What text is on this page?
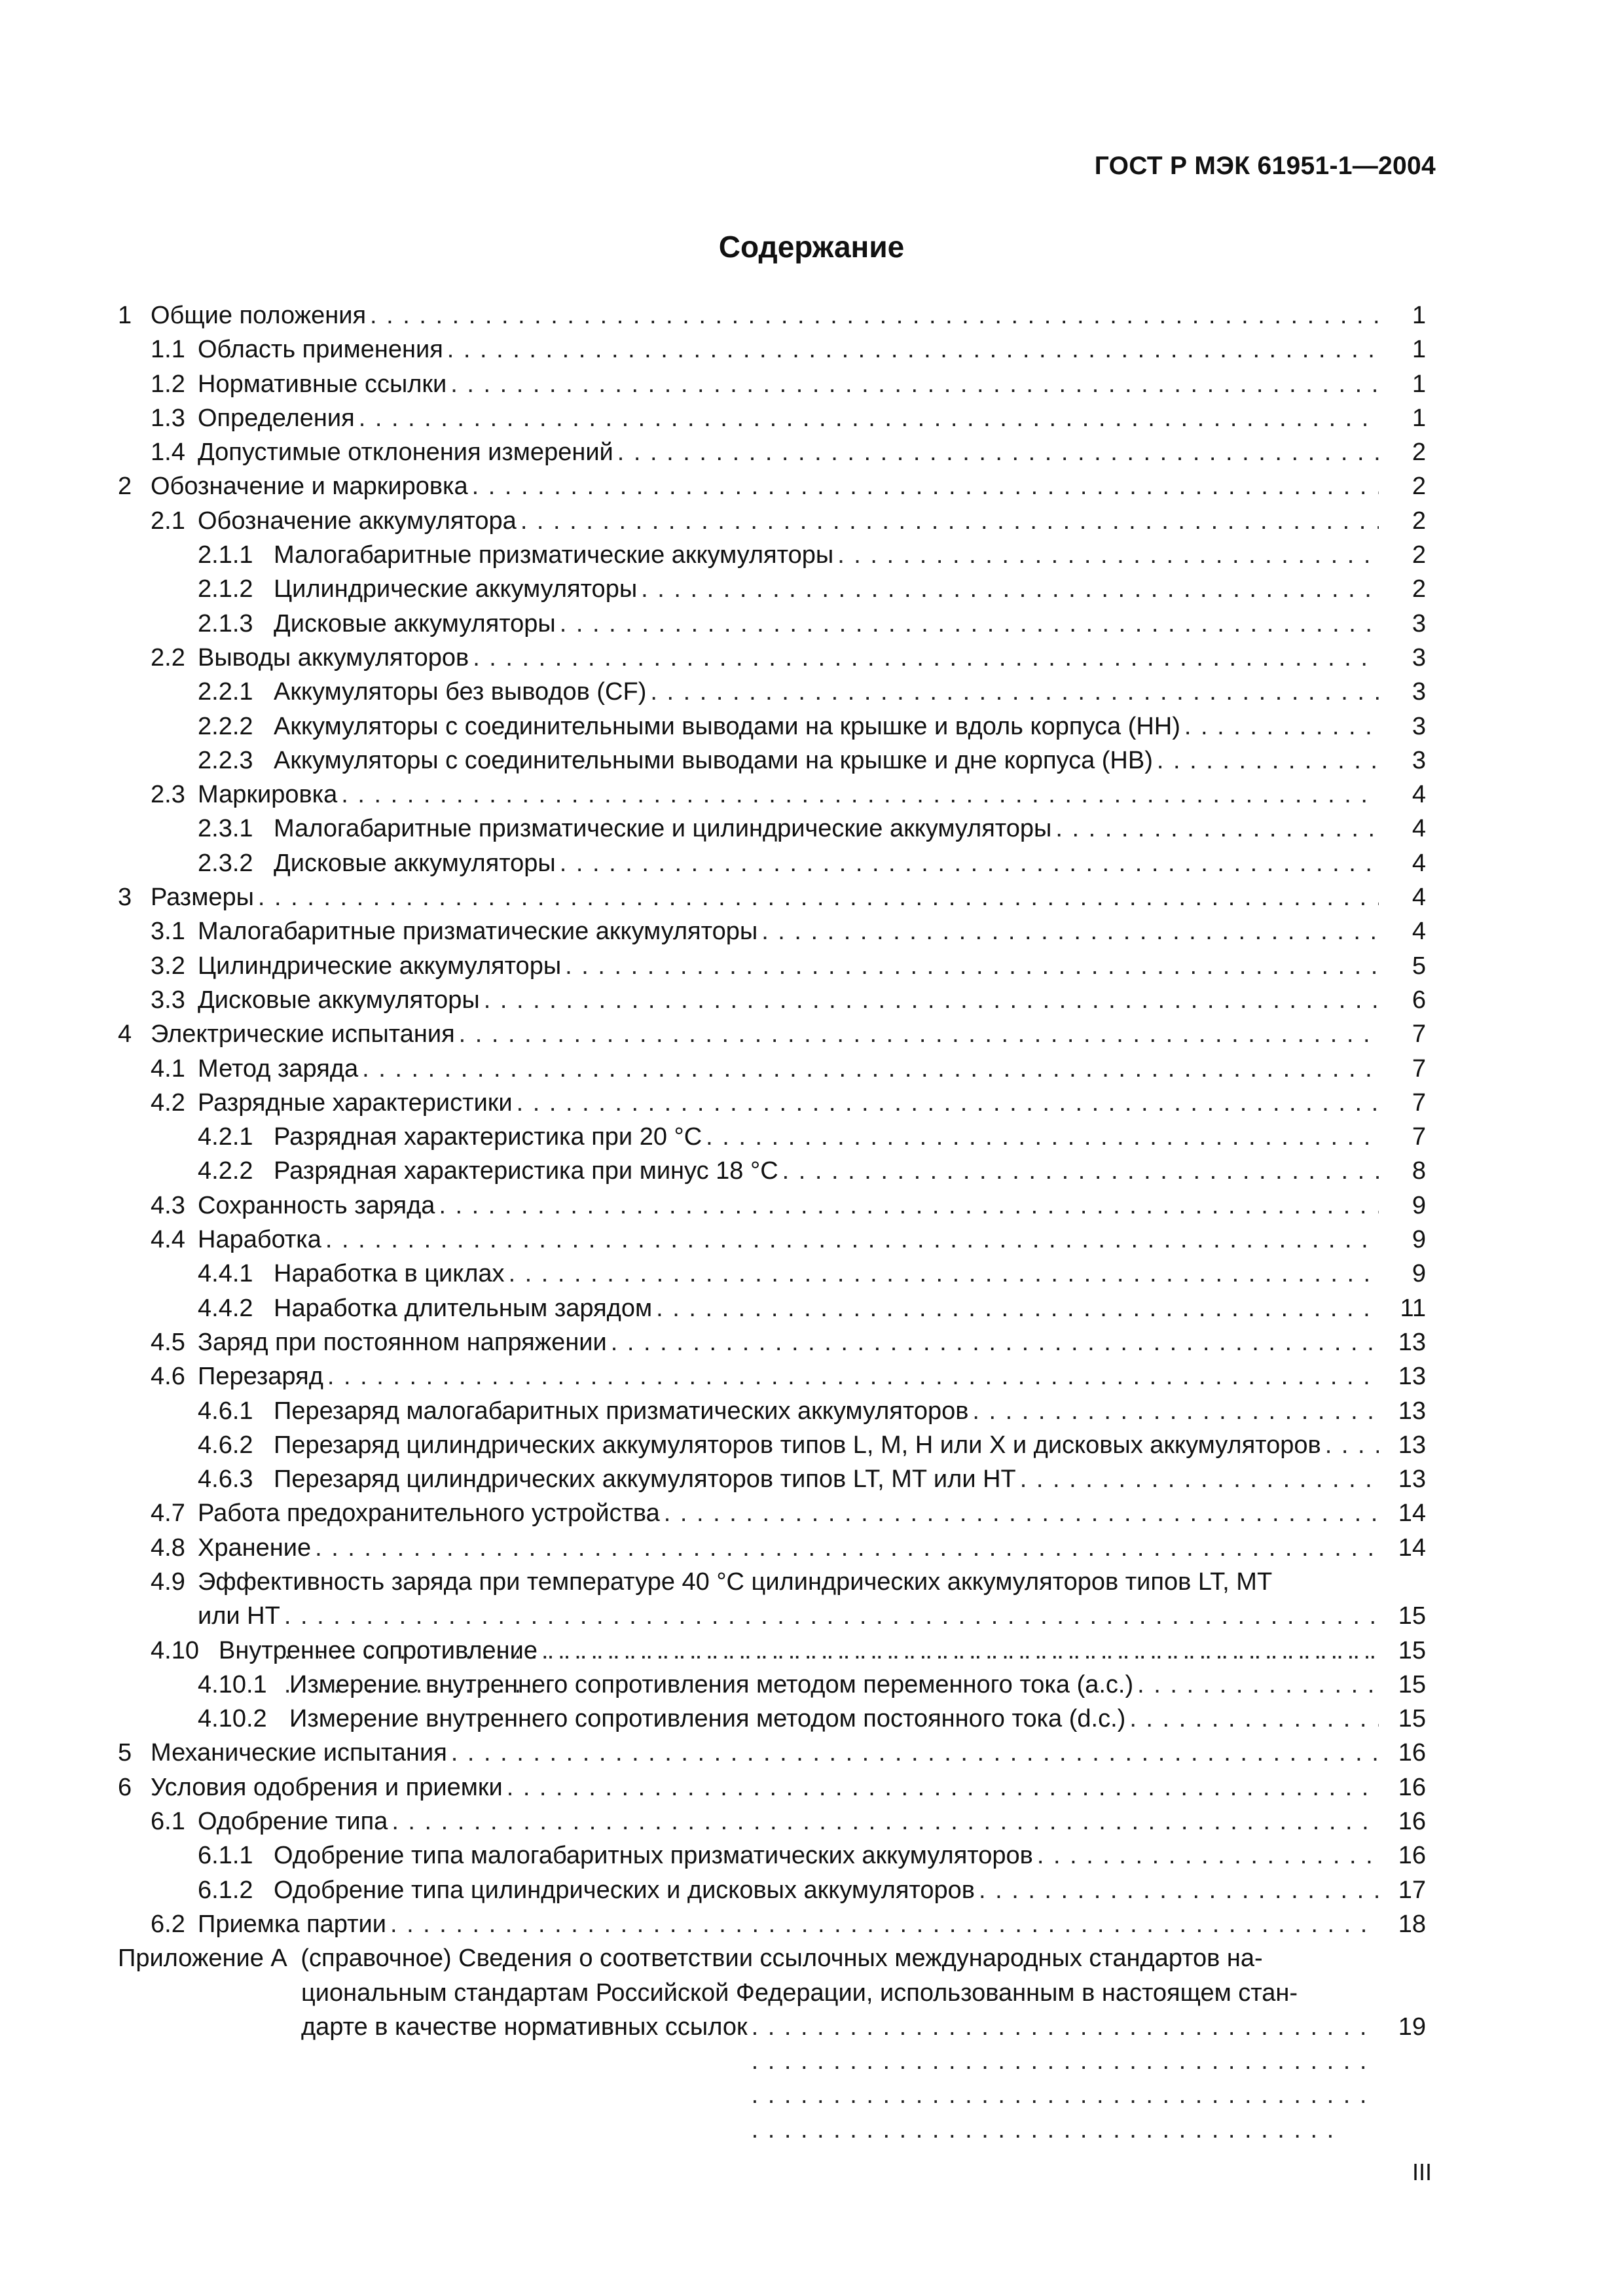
ГОСТ Р МЭК 61951-1—2004
Содержание
1 Общие положения . . .	1
1.1 Область применения . . .	1
1.2 Нормативные ссылки . . .	1
1.3 Определения . . .	1
1.4 Допустимые отклонения измерений . . .	2
2 Обозначение и маркировка . . .	2
2.1 Обозначение аккумулятора . . .	2
2.1.1 Малогабаритные призматические аккумуляторы . . .	2
2.1.2 Цилиндрические аккумуляторы . . .	2
2.1.3 Дисковые аккумуляторы . . .	3
2.2 Выводы аккумуляторов . . .	3
2.2.1 Аккумуляторы без выводов (CF) . . .	3
2.2.2 Аккумуляторы с соединительными выводами на крышке и вдоль корпуса (HH) . . .	3
2.2.3 Аккумуляторы с соединительными выводами на крышке и дне корпуса (HB) . . .	3
2.3 Маркировка . . .	4
2.3.1 Малогабаритные призматические и цилиндрические аккумуляторы . . .	4
2.3.2 Дисковые аккумуляторы . . .	4
3 Размеры . . .	4
3.1 Малогабаритные призматические аккумуляторы . . .	4
3.2 Цилиндрические аккумуляторы . . .	5
3.3 Дисковые аккумуляторы . . .	6
4 Электрические испытания . . .	7
4.1 Метод заряда . . .	7
4.2 Разрядные характеристики . . .	7
4.2.1 Разрядная характеристика при 20 °C . . .	7
4.2.2 Разрядная характеристика при минус 18 °C . . .	8
4.3 Сохранность заряда . . .	9
4.4 Наработка . . .	9
4.4.1 Наработка в циклах . . .	9
4.4.2 Наработка длительным зарядом . . .	11
4.5 Заряд при постоянном напряжении . . .	13
4.6 Перезаряд . . .	13
4.6.1 Перезаряд малогабаритных призматических аккумуляторов . . .	13
4.6.2 Перезаряд цилиндрических аккумуляторов типов L, M, H или X и дисковых аккумуляторов . . .	13
4.6.3 Перезаряд цилиндрических аккумуляторов типов LT, MT или HT . . .	13
4.7 Работа предохранительного устройства . . .	14
4.8 Хранение . . .	14
4.9 Эффективность заряда при температуре 40 °C цилиндрических аккумуляторов типов LT, MT
или HT . . .	15
4.10 Внутреннее сопротивление . . .	15
4.10.1 Измерение внутреннего сопротивления методом переменного тока (a.c.) . . .	15
4.10.2 Измерение внутреннего сопротивления методом постоянного тока (d.c.) . . .	15
5 Механические испытания . . .	16
6 Условия одобрения и приемки . . .	16
6.1 Одобрение типа . . .	16
6.1.1 Одобрение типа малогабаритных призматических аккумуляторов . . .	16
6.1.2 Одобрение типа цилиндрических и дисковых аккумуляторов . . .	17
6.2 Приемка партии . . .	18
Приложение А (справочное) Сведения о соответствии ссылочных международных стандартов на-
циональным стандартам Российской Федерации, использованным в настоящем стан-
дарте в качестве нормативных ссылок . . .	19
III
